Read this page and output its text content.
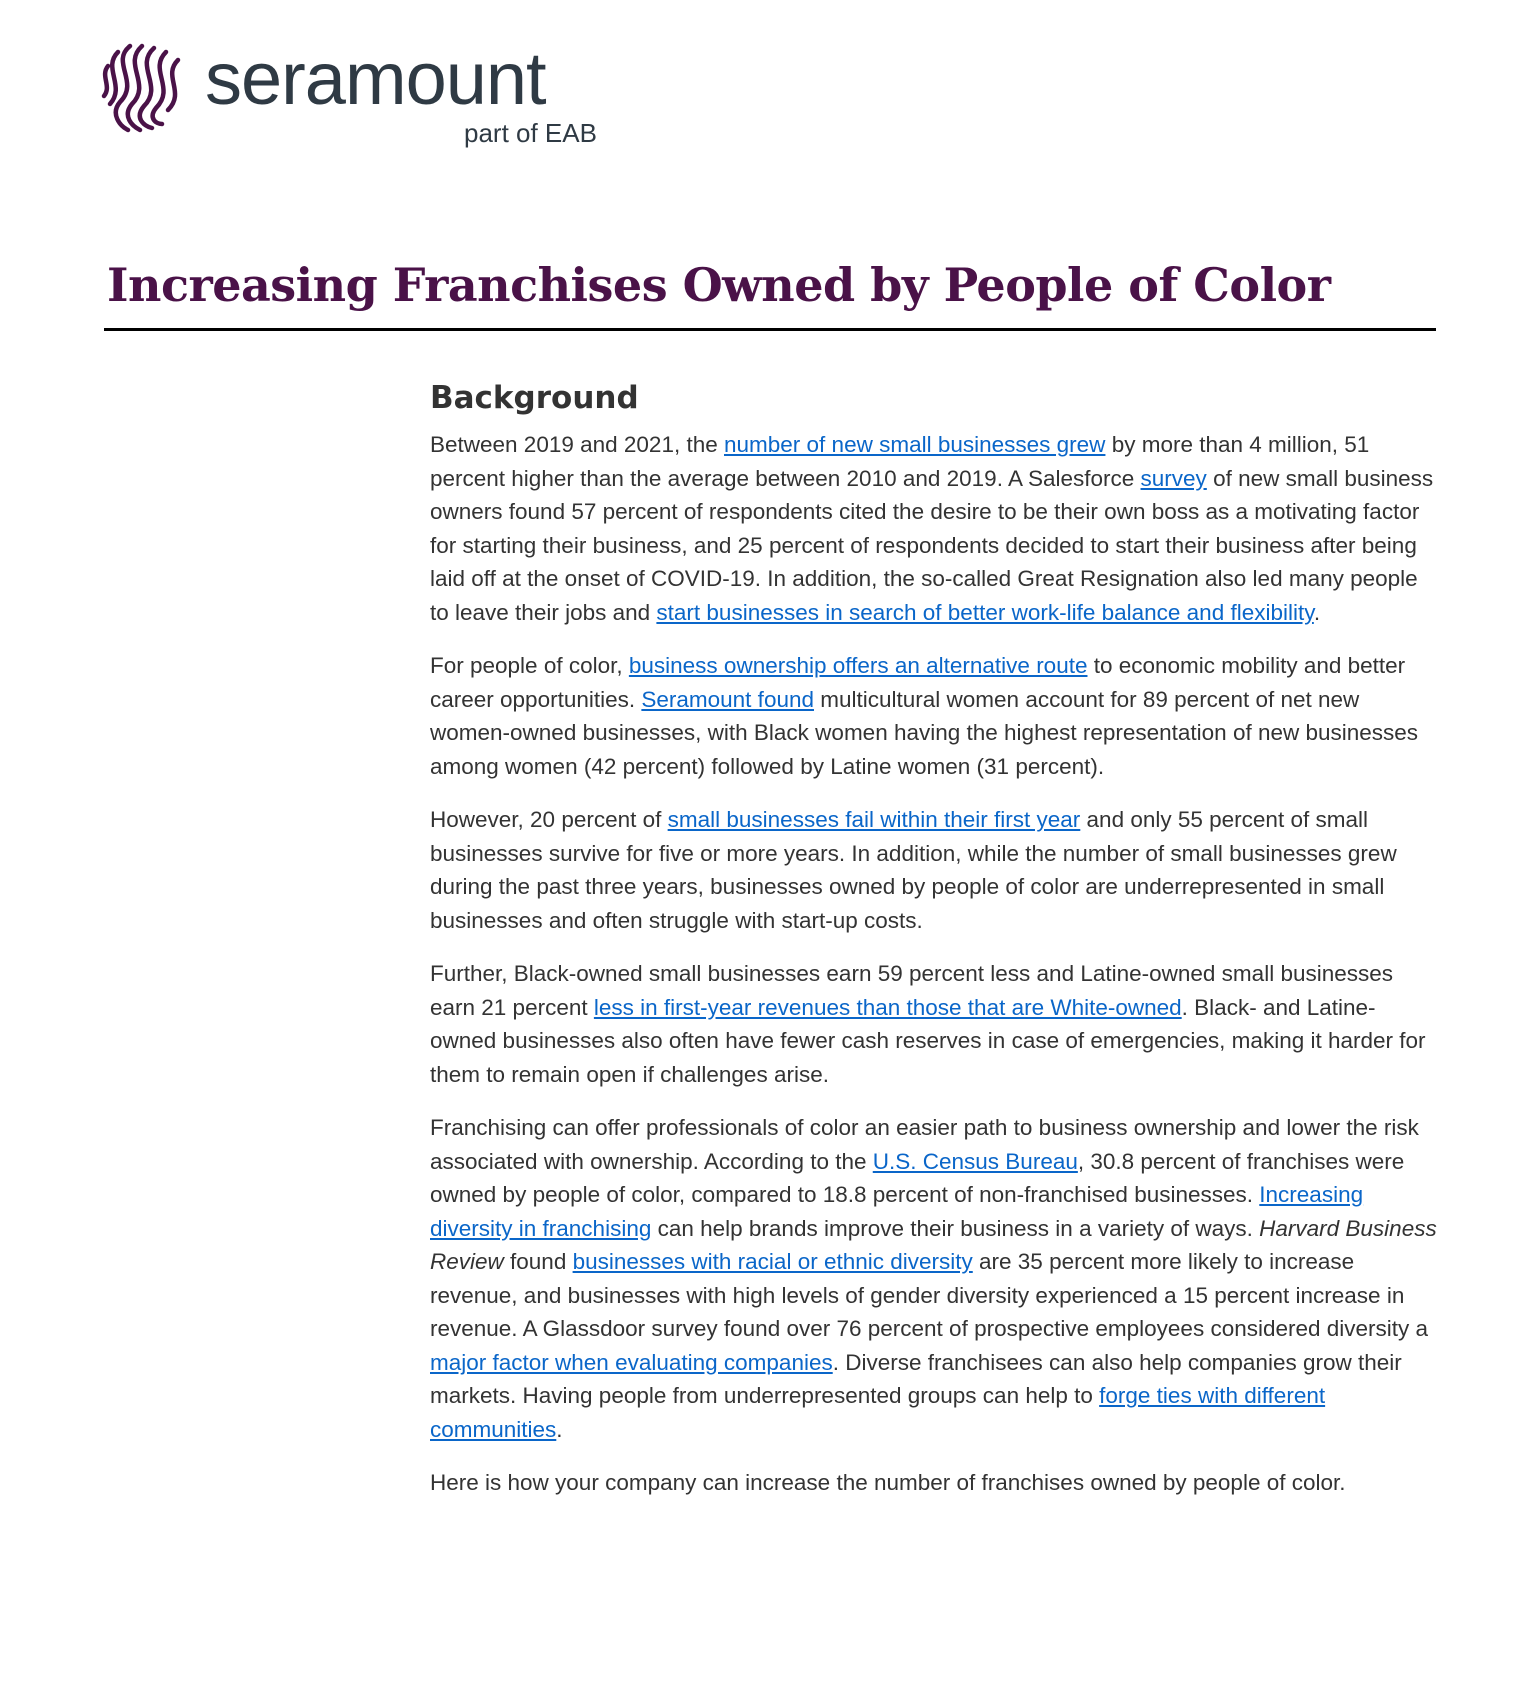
seramount
part of EAB
Increasing Franchises Owned by People of Color
Background

Between 2019 and 2021, the number of new small businesses grew by more than 4 million, 51 percent higher than the average between 2010 and 2019. A Salesforce survey of new small business owners found 57 percent of respondents cited the desire to be their own boss as a motivating factor for starting their business, and 25 percent of respondents decided to start their business after being laid off at the onset of COVID-19. In addition, the so-called Great Resignation also led many people to leave their jobs and start businesses in search of better work-life balance and flexibility.

For people of color, business ownership offers an alternative route to economic mobility and better career opportunities. Seramount found multicultural women account for 89 percent of net new women-owned businesses, with Black women having the highest representation of new businesses among women (42 percent) followed by Latine women (31 percent).

However, 20 percent of small businesses fail within their first year and only 55 percent of small businesses survive for five or more years. In addition, while the number of small businesses grew during the past three years, businesses owned by people of color are underrepresented in small businesses and often struggle with start-up costs.

Further, Black-owned small businesses earn 59 percent less and Latine-owned small businesses earn 21 percent less in first-year revenues than those that are White-owned. Black- and Latine-owned businesses also often have fewer cash reserves in case of emergencies, making it harder for them to remain open if challenges arise.

Franchising can offer professionals of color an easier path to business ownership and lower the risk associated with ownership. According to the U.S. Census Bureau, 30.8 percent of franchises were owned by people of color, compared to 18.8 percent of non-franchised businesses. Increasing diversity in franchising can help brands improve their business in a variety of ways. Harvard Business Review found businesses with racial or ethnic diversity are 35 percent more likely to increase revenue, and businesses with high levels of gender diversity experienced a 15 percent increase in revenue. A Glassdoor survey found over 76 percent of prospective employees considered diversity a major factor when evaluating companies. Diverse franchisees can also help companies grow their markets. Having people from underrepresented groups can help to forge ties with different communities.

Here is how your company can increase the number of franchises owned by people of color.
